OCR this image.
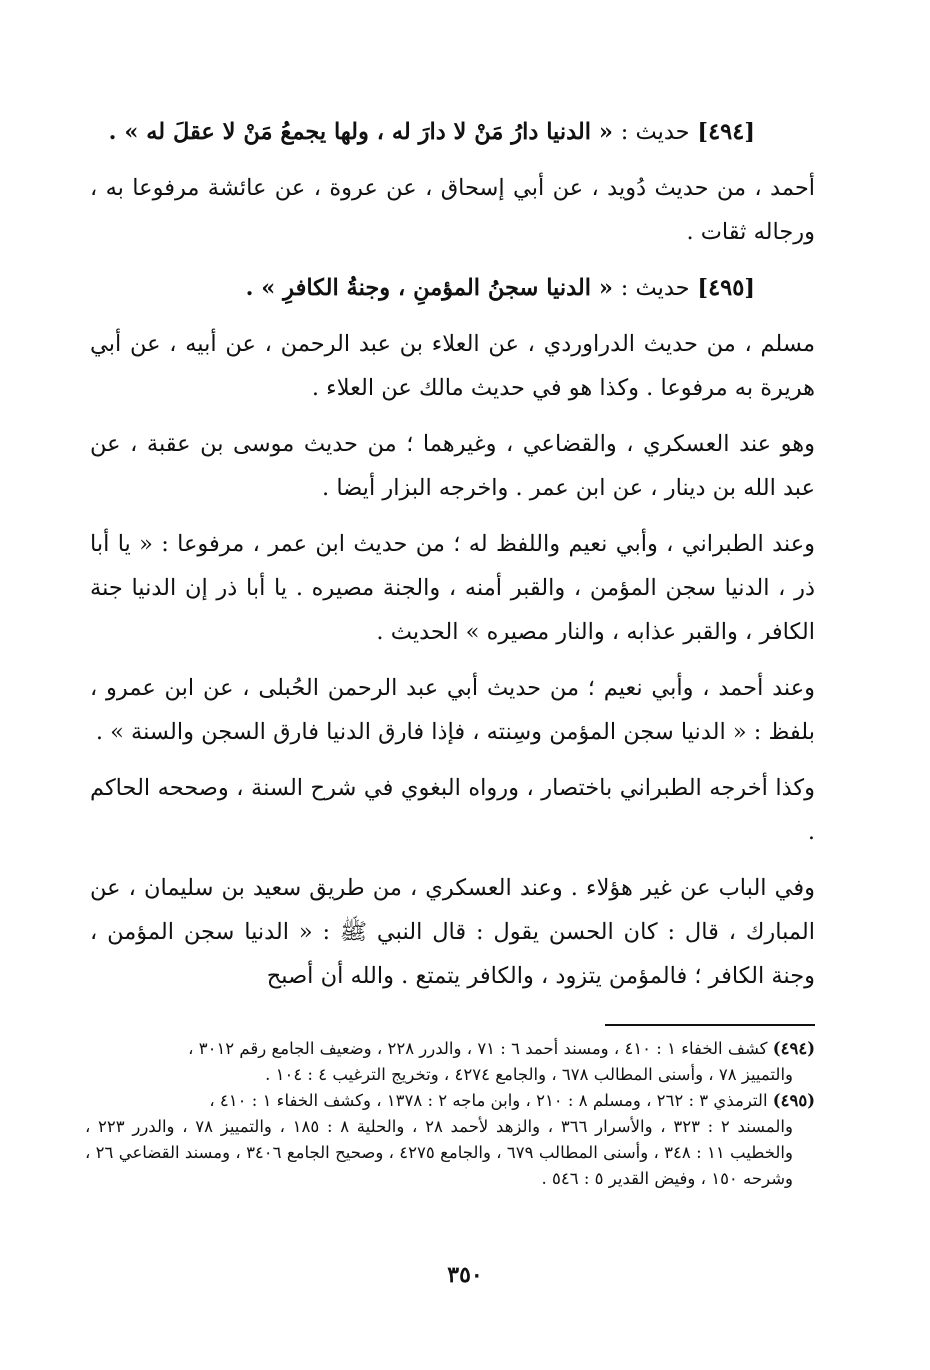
[٤٩٤] حديث : « الدنيا دارُ مَنْ لا دارَ له ، ولها يجمعُ مَنْ لا عقلَ له » .

أحمد ، من حديث دُويد ، عن أبي إسحاق ، عن عروة ، عن عائشة مرفوعا به ، ورجاله ثقات .

[٤٩٥] حديث : « الدنيا سجنُ المؤمنِ ، وجنةُ الكافرِ » .

مسلم ، من حديث الدراوردي ، عن العلاء بن عبد الرحمن ، عن أبيه ، عن أبي هريرة به مرفوعا . وكذا هو في حديث مالك عن العلاء .

وهو عند العسكري ، والقضاعي ، وغيرهما ؛ من حديث موسى بن عقبة ، عن عبد الله بن دينار ، عن ابن عمر . واخرجه البزار أيضا .

وعند الطبراني ، وأبي نعيم واللفظ له ؛ من حديث ابن عمر ، مرفوعا : « يا أبا ذر ، الدنيا سجن المؤمن ، والقبر أمنه ، والجنة مصيره . يا أبا ذر إن الدنيا جنة الكافر ، والقبر عذابه ، والنار مصيره » الحديث .

وعند أحمد ، وأبي نعيم ؛ من حديث أبي عبد الرحمن الحُبلى ، عن ابن عمرو ، بلفظ : « الدنيا سجن المؤمن وسِنته ، فإذا فارق الدنيا فارق السجن والسنة » .

وكذا أخرجه الطبراني باختصار ، ورواه البغوي في شرح السنة ، وصححه الحاكم .

وفي الباب عن غير هؤلاء . وعند العسكري ، من طريق سعيد بن سليمان ، عن المبارك ، قال : كان الحسن يقول : قال النبي ﷺ : « الدنيا سجن المؤمن ، وجنة الكافر ؛ فالمؤمن يتزود ، والكافر يتمتع . والله أن أصبح

(٤٩٤) كشف الخفاء ١ : ٤١٠ ، ومسند أحمد ٦ : ٧١ ، والدرر ٢٢٨ ، وضعيف الجامع رقم ٣٠١٢ ،
والتمييز ٧٨ ، وأسنى المطالب ٦٧٨ ، والجامع ٤٢٧٤ ، وتخريج الترغيب ٤ : ١٠٤ .

(٤٩٥) الترمذي ٣ : ٢٦٢ ، ومسلم ٨ : ٢١٠ ، وابن ماجه ٢ : ١٣٧٨ ، وكشف الخفاء ١ : ٤١٠ ،
والمسند ٢ : ٣٢٣ ، والأسرار ٣٦٦ ، والزهد لأحمد ٢٨ ، والحلية ٨ : ١٨٥ ، والتمييز ٧٨ ، والدرر ٢٢٣ ، والخطيب ١١ : ٣٤٨ ، وأسنى المطالب ٦٧٩ ، والجامع ٤٢٧٥ ، وصحيح الجامع ٣٤٠٦ ، ومسند القضاعي ٢٦ ، وشرحه ١٥٠ ، وفيض القدير ٥ : ٥٤٦ .

٣٥٠
